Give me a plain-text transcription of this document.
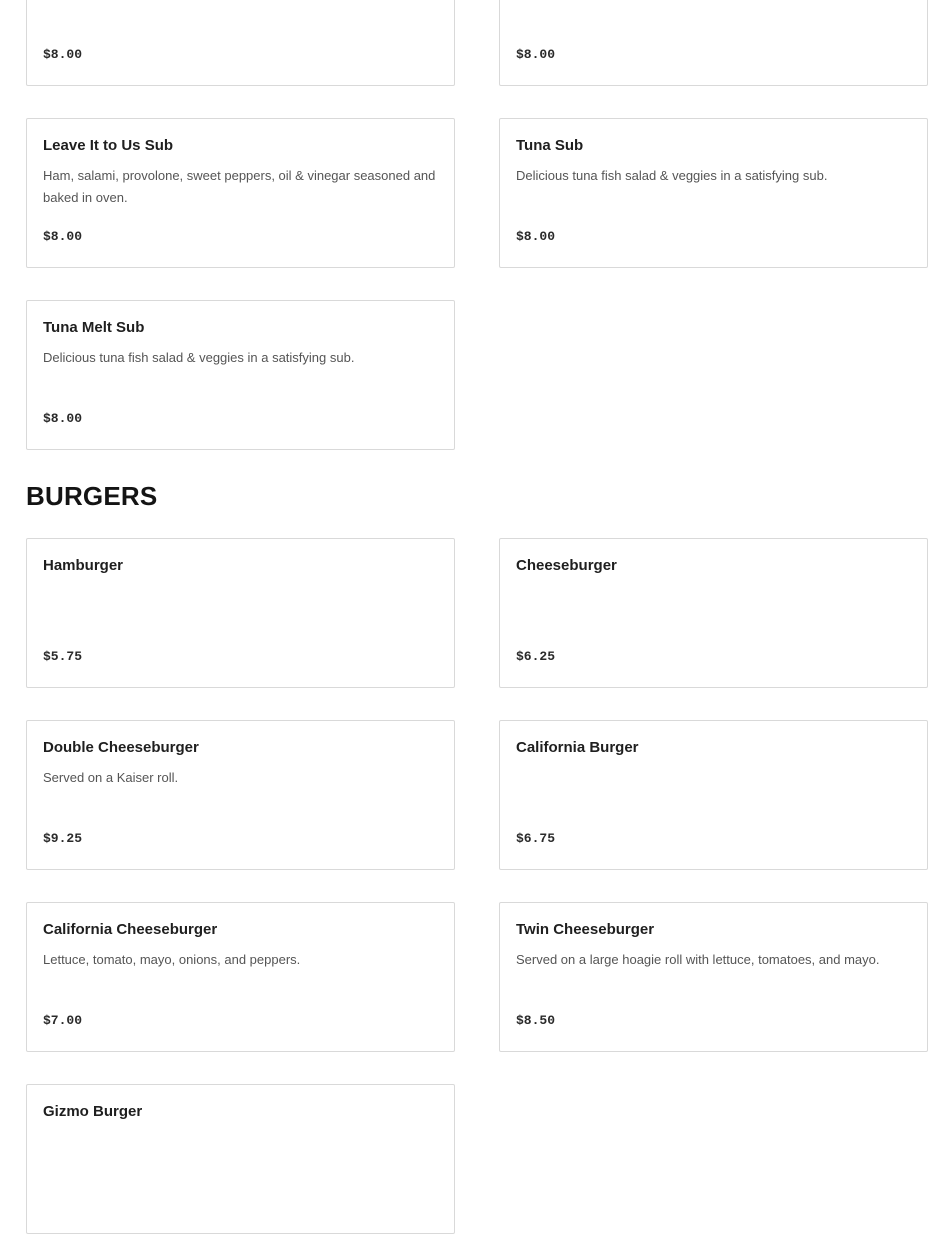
$8.00	$8.00
Leave It to Us Sub
Ham, salami, provolone, sweet peppers, oil & vinegar seasoned and baked in oven.
$8.00
Tuna Sub
Delicious tuna fish salad & veggies in a satisfying sub.
$8.00
Tuna Melt Sub
Delicious tuna fish salad & veggies in a satisfying sub.
$8.00
BURGERS
Hamburger
$5.75
Cheeseburger
$6.25
Double Cheeseburger
Served on a Kaiser roll.
$9.25
California Burger
$6.75
California Cheeseburger
Lettuce, tomato, mayo, onions, and peppers.
$7.00
Twin Cheeseburger
Served on a large hoagie roll with lettuce, tomatoes, and mayo.
$8.50
Gizmo Burger
